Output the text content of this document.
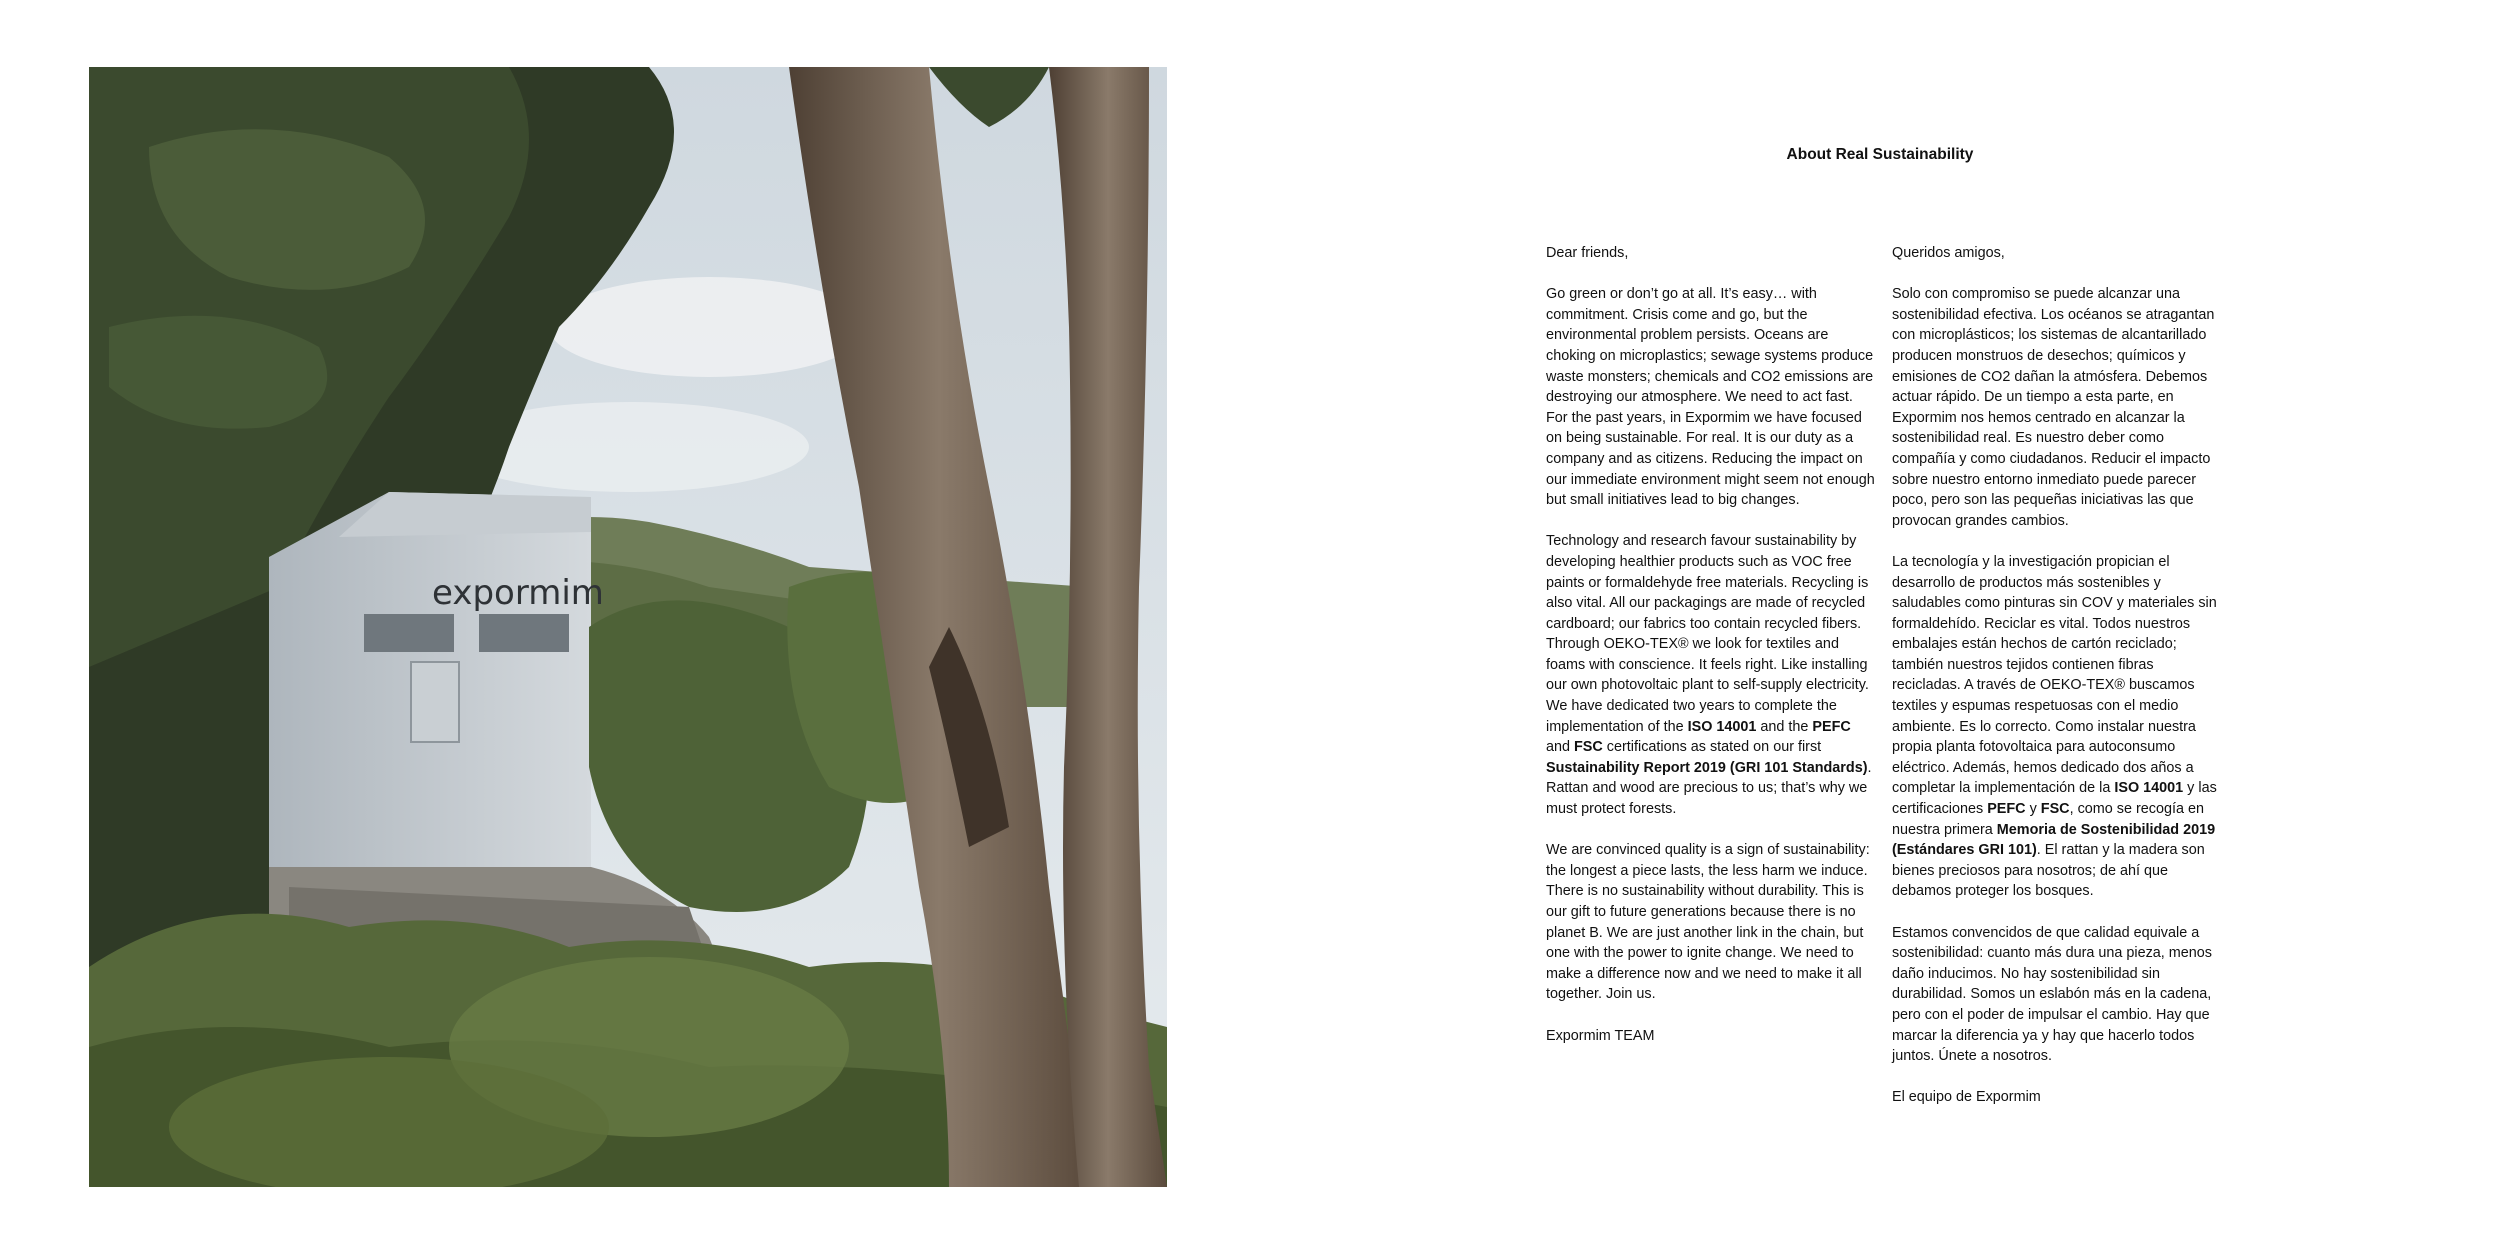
expormim
About Real Sustainability

Dear friends,

Go green or don’t go at all. It’s easy… with commitment. Crisis come and go, but the environmental problem persists. Oceans are choking on microplastics; sewage systems produce waste monsters; chemicals and CO2 emissions are destroying our atmosphere. We need to act fast. For the past years, in Expormim we have focused on being sustainable. For real. It is our duty as a company and as citizens. Reducing the impact on our immediate environment might seem not enough but small initiatives lead to big changes.

Technology and research favour sustainability by developing healthier products such as VOC free paints or formaldehyde free materials. Recycling is also vital. All our packagings are made of recycled cardboard; our fabrics too contain recycled fibers. Through OEKO-TEX® we look for textiles and foams with conscience. It feels right. Like installing our own photovoltaic plant to self-supply electricity. We have dedicated two years to complete the implementation of the ISO 14001 and the PEFC and FSC certifications as stated on our first Sustainability Report 2019 (GRI 101 Standards). Rattan and wood are precious to us; that’s why we must protect forests.

We are convinced quality is a sign of sustainability: the longest a piece lasts, the less harm we induce. There is no sustainability without durability. This is our gift to future generations because there is no planet B. We are just another link in the chain, but one with the power to ignite change. We need to make a difference now and we need to make it all together. Join us.

Expormim TEAM

Queridos amigos,

Solo con compromiso se puede alcanzar una sostenibilidad efectiva. Los océanos se atragantan con microplásticos; los sistemas de alcantarillado producen monstruos de desechos; químicos y emisiones de CO2 dañan la atmósfera. Debemos actuar rápido. De un tiempo a esta parte, en Expormim nos hemos centrado en alcanzar la sostenibilidad real. Es nuestro deber como compañía y como ciudadanos. Reducir el impacto sobre nuestro entorno inmediato puede parecer poco, pero son las pequeñas iniciativas las que provocan grandes cambios.

La tecnología y la investigación propician el desarrollo de productos más sostenibles y saludables como pinturas sin COV y materiales sin formaldehído. Reciclar es vital. Todos nuestros embalajes están hechos de cartón reciclado; también nuestros tejidos contienen fibras recicladas. A través de OEKO-TEX® buscamos textiles y espumas respetuosas con el medio ambiente. Es lo correcto. Como instalar nuestra propia planta fotovoltaica para autoconsumo eléctrico. Además, hemos dedicado dos años a completar la implementación de la ISO 14001 y las certificaciones PEFC y FSC, como se recogía en nuestra primera Memoria de Sostenibilidad 2019 (Estándares GRI 101). El rattan y la madera son bienes preciosos para nosotros; de ahí que debamos proteger los bosques.

Estamos convencidos de que calidad equivale a sostenibilidad: cuanto más dura una pieza, menos daño inducimos. No hay sostenibilidad sin durabilidad. Somos un eslabón más en la cadena, pero con el poder de impulsar el cambio. Hay que marcar la diferencia ya y hay que hacerlo todos juntos. Únete a nosotros.

El equipo de Expormim
